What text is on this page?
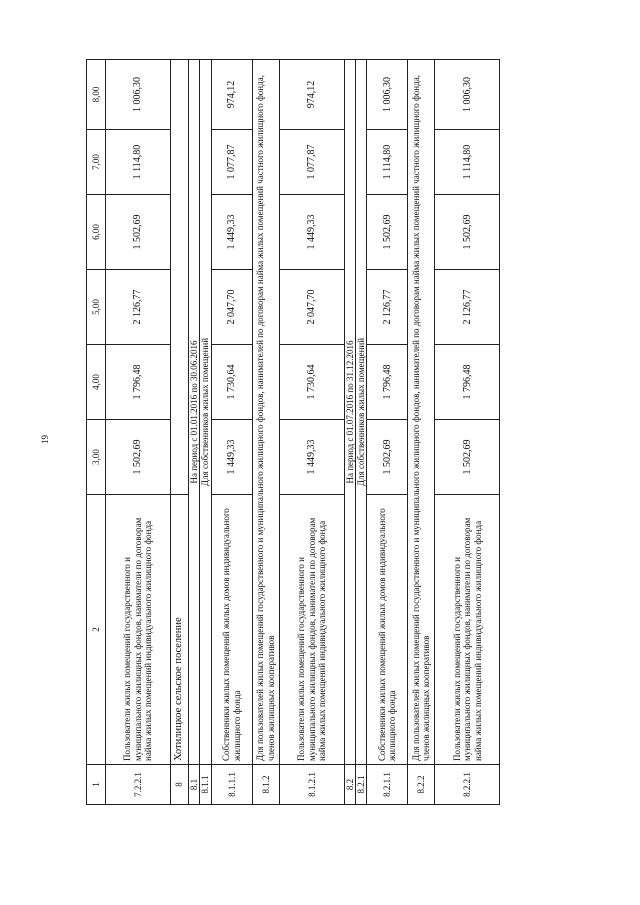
19
1	2	3,00	4,00	5,00	6,00	7,00	8,00
7.2.2.1	Пользователи жилых помещений государственного и муниципального жилищных фондов, наниматели по договорам найма жилых помещений индивидуального жилищного фонда	1 502,69	1 796,48	2 126,77	1 502,69	1 114,80	1 006,30
8	Хотилицкое сельское поселение						
8.1	На период с 01.01.2016 по 30.06.2016						
8.1.1	Для собственников жилых помещений						
8.1.1.1	Собственники жилых помещений жилых домов индивидуального жилищного фонда	1 449,33	1 730,64	2 047,70	1 449,33	1 077,87	974,12
8.1.2	Для пользователей жилых помещений государственного и муниципального жилищного фондов, нанимателей по договорам найма жилых помещений частного жилищного фонда, членов жилищных кооперативов						
8.1.2.1	Пользователи жилых помещений государственного и муниципального жилищных фондов, наниматели по договорам найма жилых помещений индивидуального жилищного фонда	1 449,33	1 730,64	2 047,70	1 449,33	1 077,87	974,12
8.2	На период с 01.07.2016 по 31.12.2016						
8.2.1	Для собственников жилых помещений						
8.2.1.1	Собственники жилых помещений жилых домов индивидуального жилищного фонда	1 502,69	1 796,48	2 126,77	1 502,69	1 114,80	1 006,30
8.2.2	Для пользователей жилых помещений государственного и муниципального жилищного фондов, нанимателей по договорам найма жилых помещений частного жилищного фонда, членов жилищных кооперативов						
8.2.2.1	Пользователи жилых помещений государственного и муниципального жилищных фондов, наниматели по договорам найма жилых помещений индивидуального жилищного фонда	1 502,69	1 796,48	2 126,77	1 502,69	1 114,80	1 006,30
